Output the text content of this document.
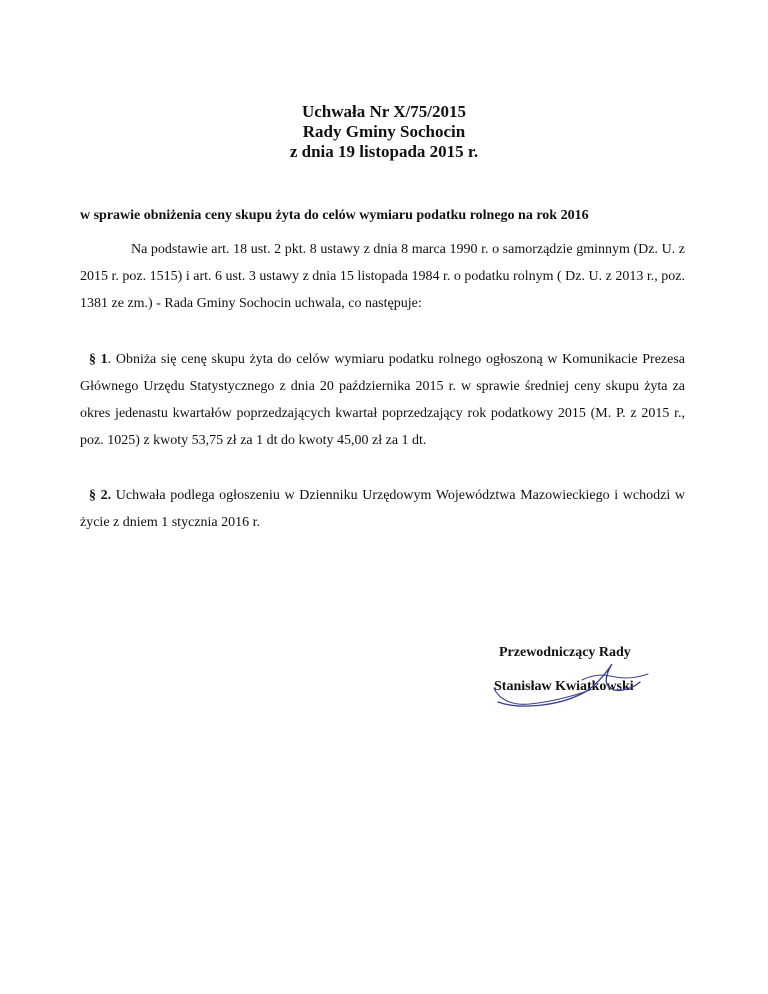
Uchwała Nr X/75/2015
Rady Gminy Sochocin
z dnia 19 listopada 2015 r.
w sprawie obniżenia ceny skupu żyta do celów wymiaru podatku rolnego na rok 2016
Na podstawie art. 18 ust. 2 pkt. 8 ustawy z dnia 8 marca 1990 r. o samorządzie gminnym (Dz. U. z 2015 r. poz. 1515) i art. 6 ust. 3 ustawy z dnia 15 listopada 1984 r. o podatku rolnym ( Dz. U. z 2013 r., poz. 1381 ze zm.) - Rada Gminy Sochocin uchwala, co następuje:
§ 1. Obniża się cenę skupu żyta do celów wymiaru podatku rolnego ogłoszoną w Komunikacie Prezesa Głównego Urzędu Statystycznego z dnia 20 października 2015 r. w sprawie średniej ceny skupu żyta za okres jedenastu kwartałów poprzedzających kwartał poprzedzający rok podatkowy 2015 (M. P. z 2015 r., poz. 1025) z kwoty 53,75 zł za 1 dt do kwoty 45,00 zł za 1 dt.
§ 2. Uchwała podlega ogłoszeniu w Dzienniku Urzędowym Województwa Mazowieckiego i wchodzi w życie z dniem 1 stycznia 2016 r.
Przewodniczący Rady
Stanisław Kwiatkowski
